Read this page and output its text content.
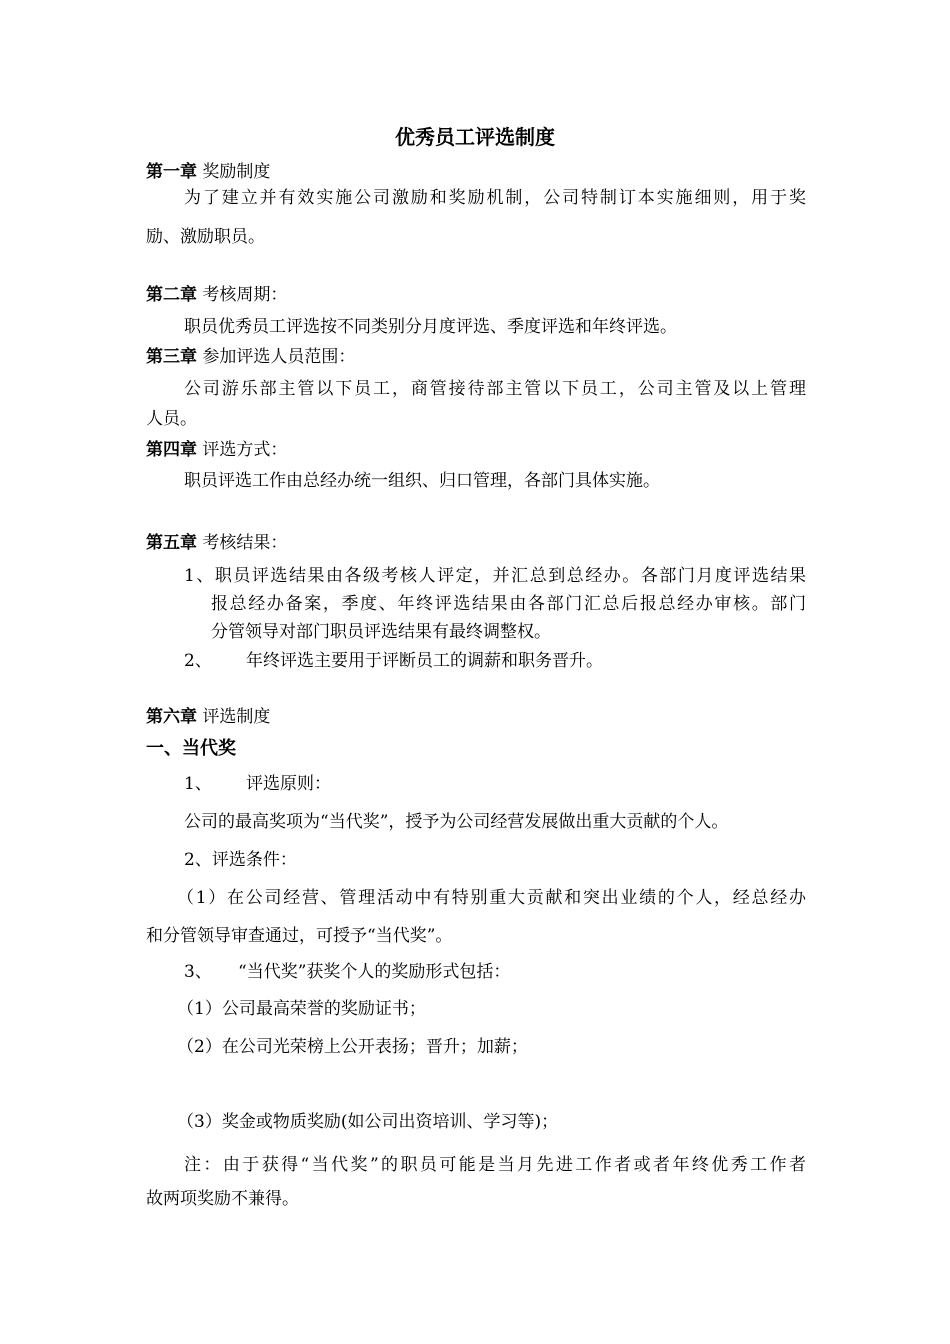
优秀员工评选制度
第一章 奖励制度
为了建立并有效实施公司激励和奖励机制，公司特制订本实施细则，用于奖
励、激励职员。
第二章 考核周期：
职员优秀员工评选按不同类别分月度评选、季度评选和年终评选。
第三章 参加评选人员范围：
公司游乐部主管以下员工，商管接待部主管以下员工，公司主管及以上管理
人员。
第四章 评选方式：
职员评选工作由总经办统一组织、归口管理，各部门具体实施。
第五章 考核结果：
1、职员评选结果由各级考核人评定，并汇总到总经办。各部门月度评选结果
报总经办备案，季度、年终评选结果由各部门汇总后报总经办审核。部门
分管领导对部门职员评选结果有最终调整权。
2、 年终评选主要用于评断员工的调薪和职务晋升。
第六章 评选制度
一、当代奖
1、 评选原则：
公司的最高奖项为“当代奖”，授予为公司经营发展做出重大贡献的个人。
2、评选条件：
（1）在公司经营、管理活动中有特别重大贡献和突出业绩的个人，经总经办
和分管领导审查通过，可授予“当代奖”。
3、 “当代奖”获奖个人的奖励形式包括：
（1）公司最高荣誉的奖励证书；
（2）在公司光荣榜上公开表扬；晋升；加薪；
（3）奖金或物质奖励(如公司出资培训、学习等)；
注：由于获得“当代奖”的职员可能是当月先进工作者或者年终优秀工作者
故两项奖励不兼得。
